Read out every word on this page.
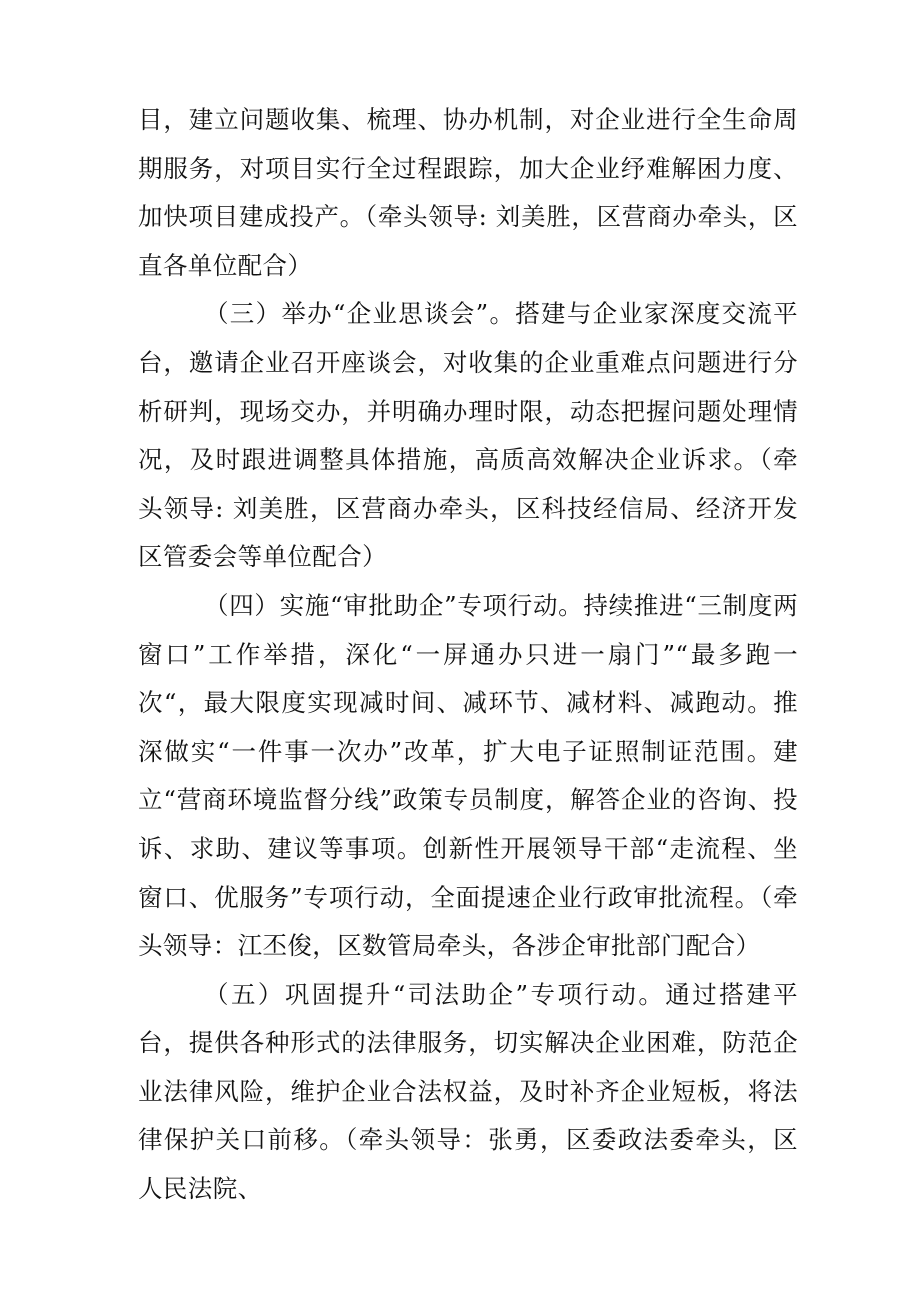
目，建立问题收集、梳理、协办机制，对企业进行全生命周期服务，对项目实行全过程跟踪，加大企业纾难解困力度、加快项目建成投产。（牵头领导: 刘美胜，区营商办牵头，区直各单位配合）

（三）举办“企业思谈会”。搭建与企业家深度交流平台，邀请企业召开座谈会，对收集的企业重难点问题进行分析研判，现场交办，并明确办理时限，动态把握问题处理情况，及时跟进调整具体措施，高质高效解决企业诉求。（牵头领导: 刘美胜，区营商办牵头，区科技经信局、经济开发区管委会等单位配合）

（四）实施“审批助企”专项行动。持续推进“三制度两窗口”工作举措，深化“一屏通办只进一扇门”“最多跑一次“，最大限度实现减时间、减环节、减材料、减跑动。推深做实“一件事一次办”改革，扩大电子证照制证范围。建立“营商环境监督分线”政策专员制度，解答企业的咨询、投诉、求助、建议等事项。创新性开展领导干部“走流程、坐窗口、优服务”专项行动，全面提速企业行政审批流程。（牵头领导：江丕俊，区数管局牵头，各涉企审批部门配合）

（五）巩固提升“司法助企”专项行动。通过搭建平台，提供各种形式的法律服务，切实解决企业困难，防范企业法律风险，维护企业合法权益，及时补齐企业短板，将法律保护关口前移。（牵头领导：张勇，区委政法委牵头，区人民法院、
